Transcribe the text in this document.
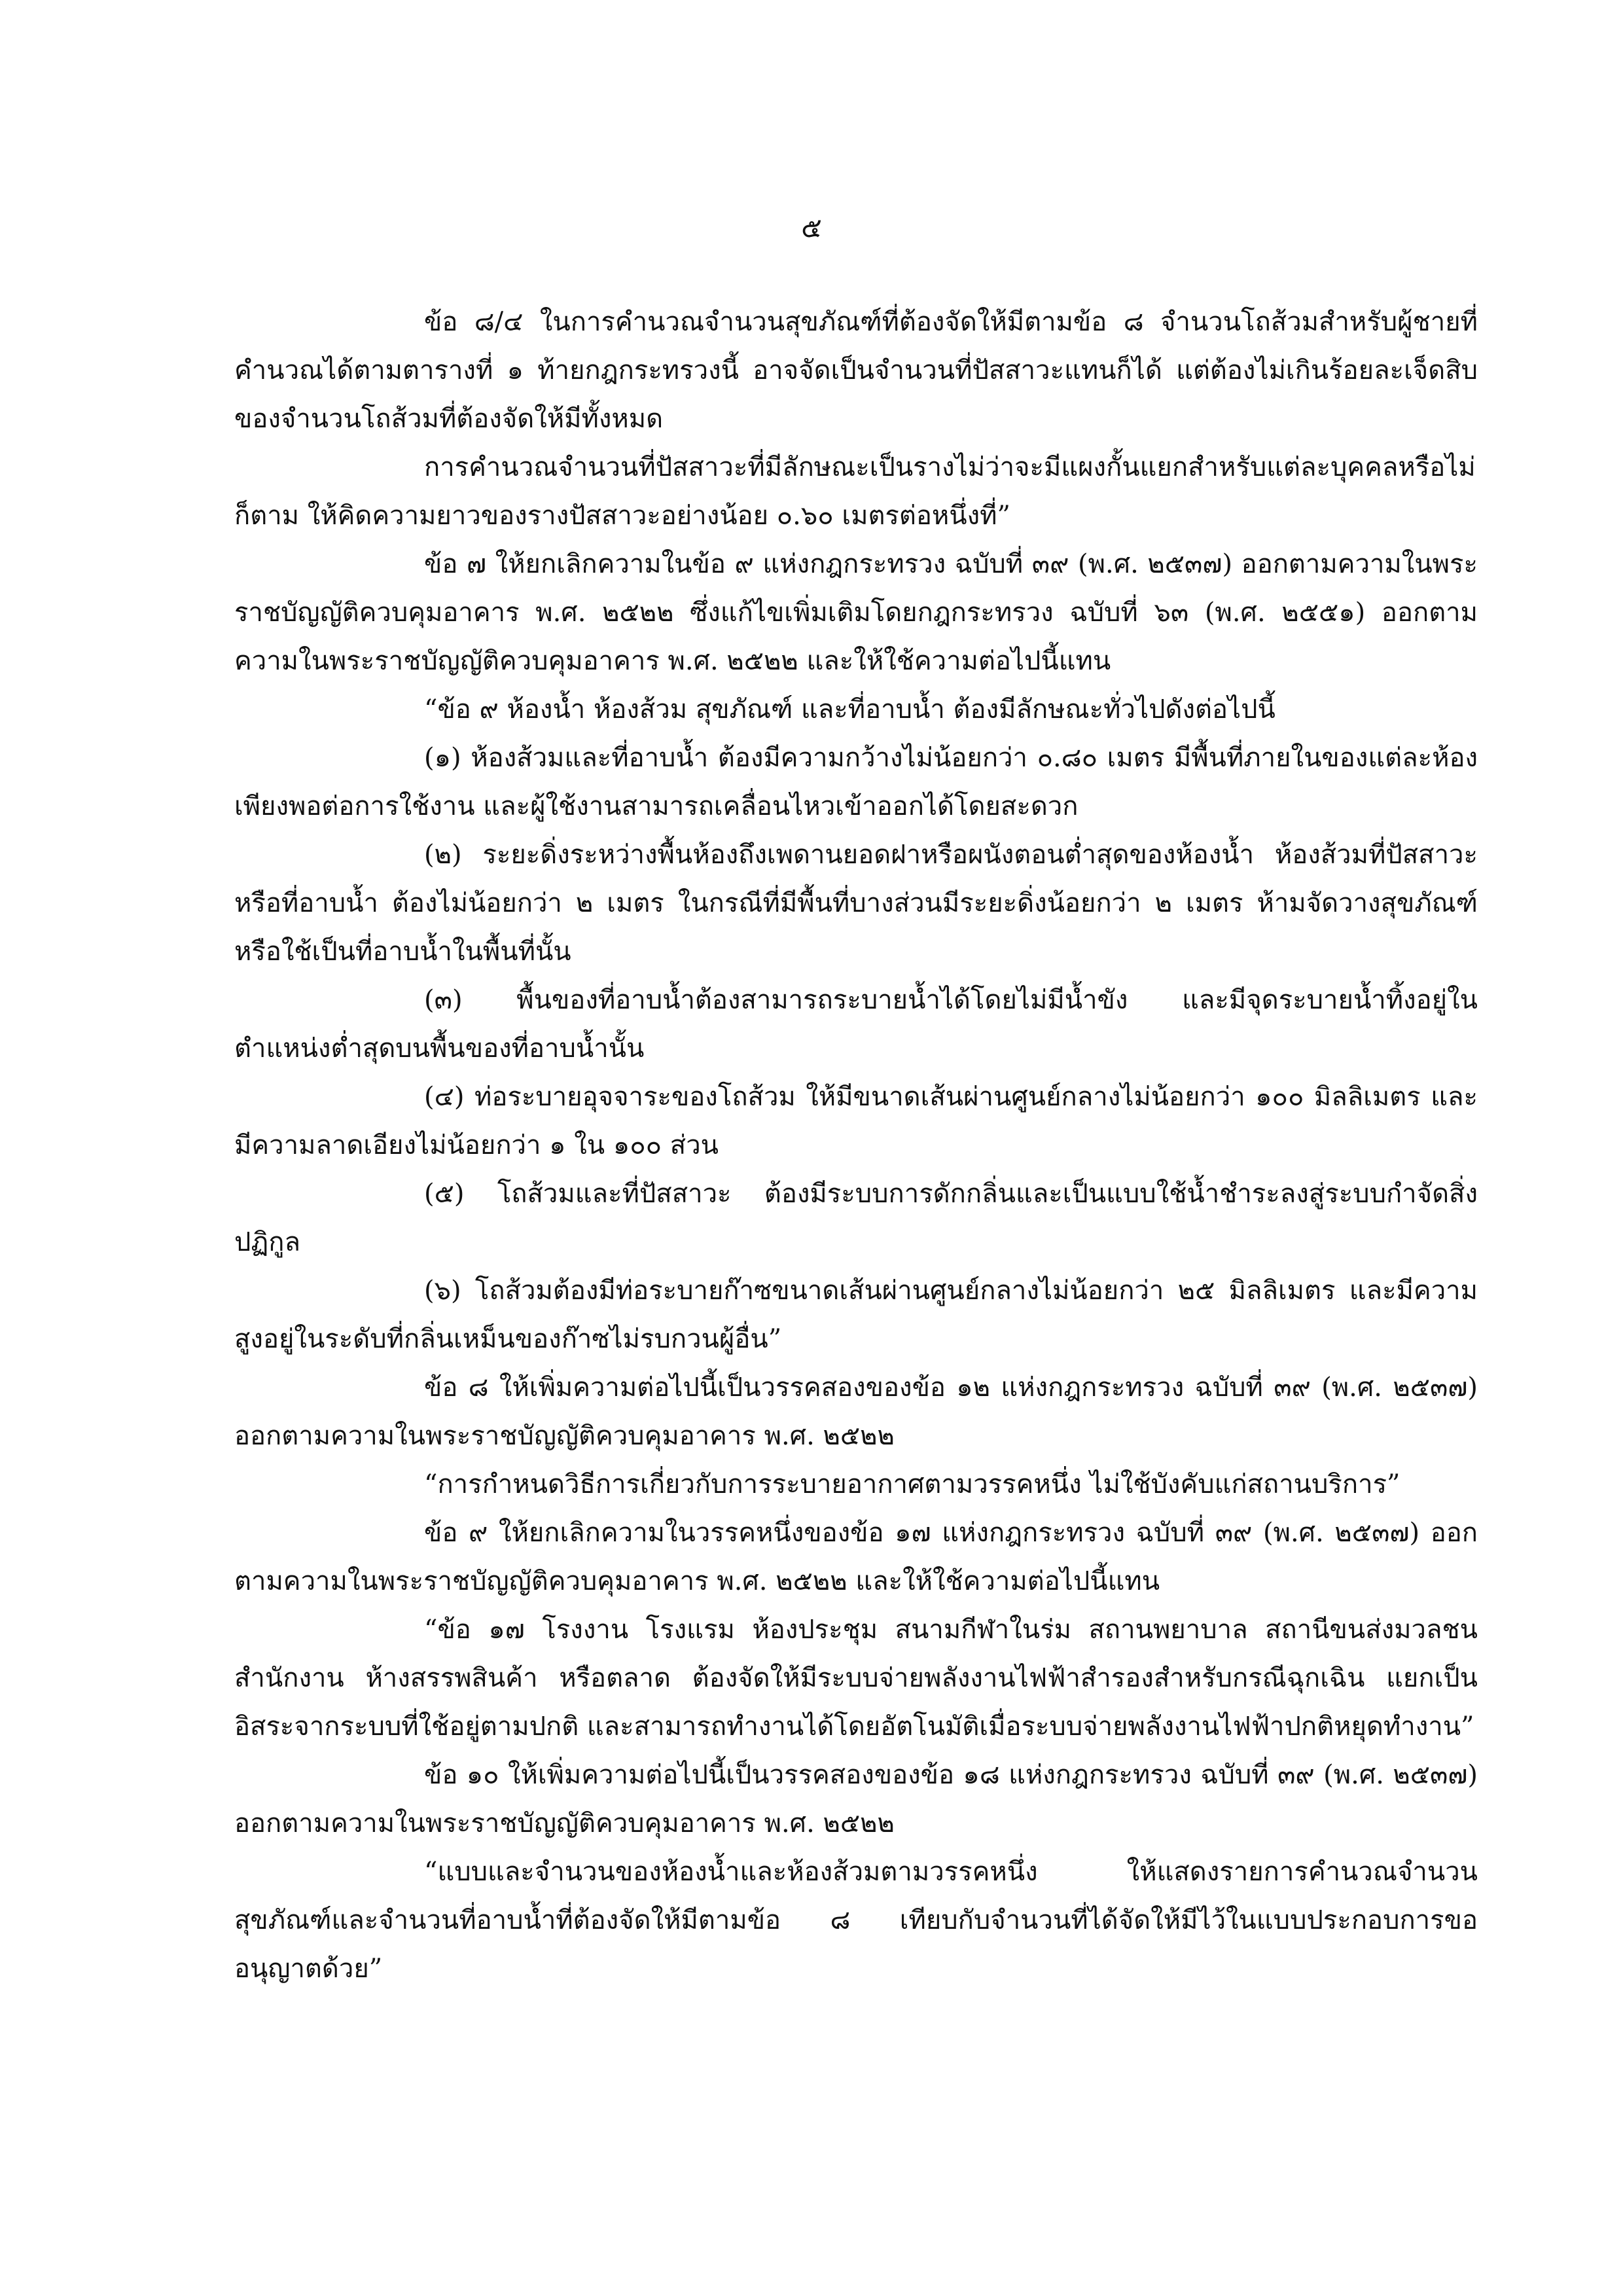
๕

ข้อ ๘/๔ ในการคำนวณจำนวนสุขภัณฑ์ที่ต้องจัดให้มีตามข้อ ๘ จำนวนโถส้วมสำหรับผู้ชายที่คำนวณได้ตามตารางที่ ๑ ท้ายกฎกระทรวงนี้ อาจจัดเป็นจำนวนที่ปัสสาวะแทนก็ได้ แต่ต้องไม่เกินร้อยละเจ็ดสิบของจำนวนโถส้วมที่ต้องจัดให้มีทั้งหมด

การคำนวณจำนวนที่ปัสสาวะที่มีลักษณะเป็นรางไม่ว่าจะมีแผงกั้นแยกสำหรับแต่ละบุคคลหรือไม่ก็ตาม ให้คิดความยาวของรางปัสสาวะอย่างน้อย ๐.๖๐ เมตรต่อหนึ่งที่”

ข้อ ๗ ให้ยกเลิกความในข้อ ๙ แห่งกฎกระทรวง ฉบับที่ ๓๙ (พ.ศ. ๒๕๓๗) ออกตามความในพระราชบัญญัติควบคุมอาคาร พ.ศ. ๒๕๒๒ ซึ่งแก้ไขเพิ่มเติมโดยกฎกระทรวง ฉบับที่ ๖๓ (พ.ศ. ๒๕๕๑) ออกตามความในพระราชบัญญัติควบคุมอาคาร พ.ศ. ๒๕๒๒ และให้ใช้ความต่อไปนี้แทน

“ข้อ ๙ ห้องน้ำ ห้องส้วม สุขภัณฑ์ และที่อาบน้ำ ต้องมีลักษณะทั่วไปดังต่อไปนี้

(๑) ห้องส้วมและที่อาบน้ำ ต้องมีความกว้างไม่น้อยกว่า ๐.๘๐ เมตร มีพื้นที่ภายในของแต่ละห้องเพียงพอต่อการใช้งาน และผู้ใช้งานสามารถเคลื่อนไหวเข้าออกได้โดยสะดวก

(๒) ระยะดิ่งระหว่างพื้นห้องถึงเพดานยอดฝาหรือผนังตอนต่ำสุดของห้องน้ำ ห้องส้วมที่ปัสสาวะ หรือที่อาบน้ำ ต้องไม่น้อยกว่า ๒ เมตร ในกรณีที่มีพื้นที่บางส่วนมีระยะดิ่งน้อยกว่า ๒ เมตร ห้ามจัดวางสุขภัณฑ์หรือใช้เป็นที่อาบน้ำในพื้นที่นั้น

(๓) พื้นของที่อาบน้ำต้องสามารถระบายน้ำได้โดยไม่มีน้ำขัง และมีจุดระบายน้ำทิ้งอยู่ในตำแหน่งต่ำสุดบนพื้นของที่อาบน้ำนั้น

(๔) ท่อระบายอุจจาระของโถส้วม ให้มีขนาดเส้นผ่านศูนย์กลางไม่น้อยกว่า ๑๐๐ มิลลิเมตร และมีความลาดเอียงไม่น้อยกว่า ๑ ใน ๑๐๐ ส่วน

(๕) โถส้วมและที่ปัสสาวะ ต้องมีระบบการดักกลิ่นและเป็นแบบใช้น้ำชำระลงสู่ระบบกำจัดสิ่งปฏิกูล

(๖) โถส้วมต้องมีท่อระบายก๊าซขนาดเส้นผ่านศูนย์กลางไม่น้อยกว่า ๒๕ มิลลิเมตร และมีความสูงอยู่ในระดับที่กลิ่นเหม็นของก๊าซไม่รบกวนผู้อื่น”

ข้อ ๘ ให้เพิ่มความต่อไปนี้เป็นวรรคสองของข้อ ๑๒ แห่งกฎกระทรวง ฉบับที่ ๓๙ (พ.ศ. ๒๕๓๗) ออกตามความในพระราชบัญญัติควบคุมอาคาร พ.ศ. ๒๕๒๒

“การกำหนดวิธีการเกี่ยวกับการระบายอากาศตามวรรคหนึ่ง ไม่ใช้บังคับแก่สถานบริการ”

ข้อ ๙ ให้ยกเลิกความในวรรคหนึ่งของข้อ ๑๗ แห่งกฎกระทรวง ฉบับที่ ๓๙ (พ.ศ. ๒๕๓๗) ออกตามความในพระราชบัญญัติควบคุมอาคาร พ.ศ. ๒๕๒๒ และให้ใช้ความต่อไปนี้แทน

“ข้อ ๑๗ โรงงาน โรงแรม ห้องประชุม สนามกีฬาในร่ม สถานพยาบาล สถานีขนส่งมวลชน สำนักงาน ห้างสรรพสินค้า หรือตลาด ต้องจัดให้มีระบบจ่ายพลังงานไฟฟ้าสำรองสำหรับกรณีฉุกเฉิน แยกเป็นอิสระจากระบบที่ใช้อยู่ตามปกติ และสามารถทำงานได้โดยอัตโนมัติเมื่อระบบจ่ายพลังงานไฟฟ้าปกติหยุดทำงาน”

ข้อ ๑๐ ให้เพิ่มความต่อไปนี้เป็นวรรคสองของข้อ ๑๘ แห่งกฎกระทรวง ฉบับที่ ๓๙ (พ.ศ. ๒๕๓๗) ออกตามความในพระราชบัญญัติควบคุมอาคาร พ.ศ. ๒๕๒๒

“แบบและจำนวนของห้องน้ำและห้องส้วมตามวรรคหนึ่ง ให้แสดงรายการคำนวณจำนวนสุขภัณฑ์และจำนวนที่อาบน้ำที่ต้องจัดให้มีตามข้อ ๘ เทียบกับจำนวนที่ได้จัดให้มีไว้ในแบบประกอบการขออนุญาตด้วย”
